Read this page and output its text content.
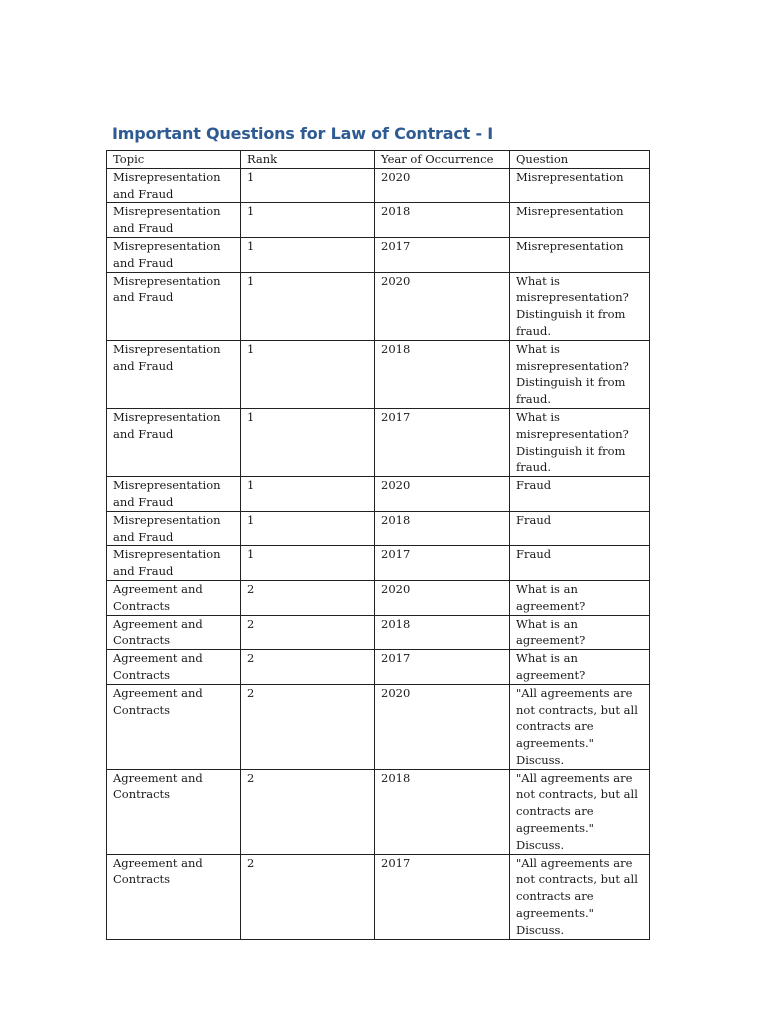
Important Questions for Law of Contract - I
Topic	Rank	Year of Occurrence	Question
Misrepresentation and Fraud	1	2020	Misrepresentation
Misrepresentation and Fraud	1	2018	Misrepresentation
Misrepresentation and Fraud	1	2017	Misrepresentation
Misrepresentation and Fraud	1	2020	What is misrepresentation? Distinguish it from fraud.
Misrepresentation and Fraud	1	2018	What is misrepresentation? Distinguish it from fraud.
Misrepresentation and Fraud	1	2017	What is misrepresentation? Distinguish it from fraud.
Misrepresentation and Fraud	1	2020	Fraud
Misrepresentation and Fraud	1	2018	Fraud
Misrepresentation and Fraud	1	2017	Fraud
Agreement and Contracts	2	2020	What is an agreement?
Agreement and Contracts	2	2018	What is an agreement?
Agreement and Contracts	2	2017	What is an agreement?
Agreement and Contracts	2	2020	"All agreements are not contracts, but all contracts are agreements." Discuss.
Agreement and Contracts	2	2018	"All agreements are not contracts, but all contracts are agreements." Discuss.
Agreement and Contracts	2	2017	"All agreements are not contracts, but all contracts are agreements." Discuss.
